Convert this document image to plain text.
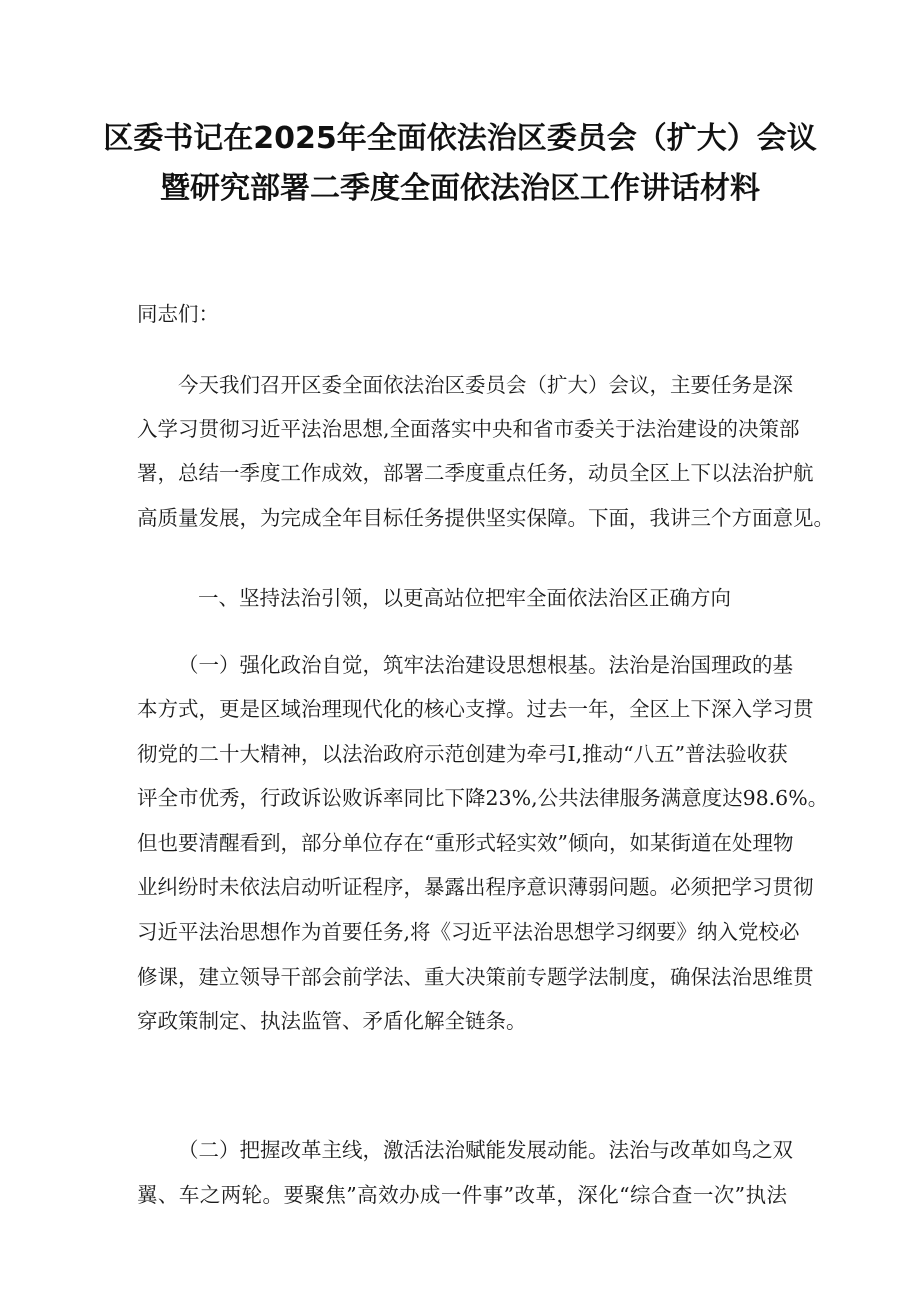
区委书记在2025年全面依法治区委员会（扩大）会议
暨研究部署二季度全面依法治区工作讲话材料
同志们：
今天我们召开区委全面依法治区委员会（扩大）会议，主要任务是深
入学习贯彻习近平法治思想,全面落实中央和省市委关于法治建设的决策部
署，总结一季度工作成效，部署二季度重点任务，动员全区上下以法治护航
高质量发展，为完成全年目标任务提供坚实保障。下面，我讲三个方面意见。
一、坚持法治引领，以更高站位把牢全面依法治区正确方向
（一）强化政治自觉，筑牢法治建设思想根基。法治是治国理政的基
本方式，更是区域治理现代化的核心支撑。过去一年，全区上下深入学习贯
彻党的二十大精神，以法治政府示范创建为牵弓I,推动“八五”普法验收获
评全市优秀，行政诉讼败诉率同比下降23%,公共法律服务满意度达98.6%。
但也要清醒看到，部分单位存在“重形式轻实效”倾向，如某街道在处理物
业纠纷时未依法启动听证程序，暴露出程序意识薄弱问题。必须把学习贯彻
习近平法治思想作为首要任务,将《习近平法治思想学习纲要》纳入党校必
修课，建立领导干部会前学法、重大决策前专题学法制度，确保法治思维贯
穿政策制定、执法监管、矛盾化解全链条。
（二）把握改革主线，激活法治赋能发展动能。法治与改革如鸟之双
翼、车之两轮。要聚焦”高效办成一件事”改革，深化“综合查一次”执法
